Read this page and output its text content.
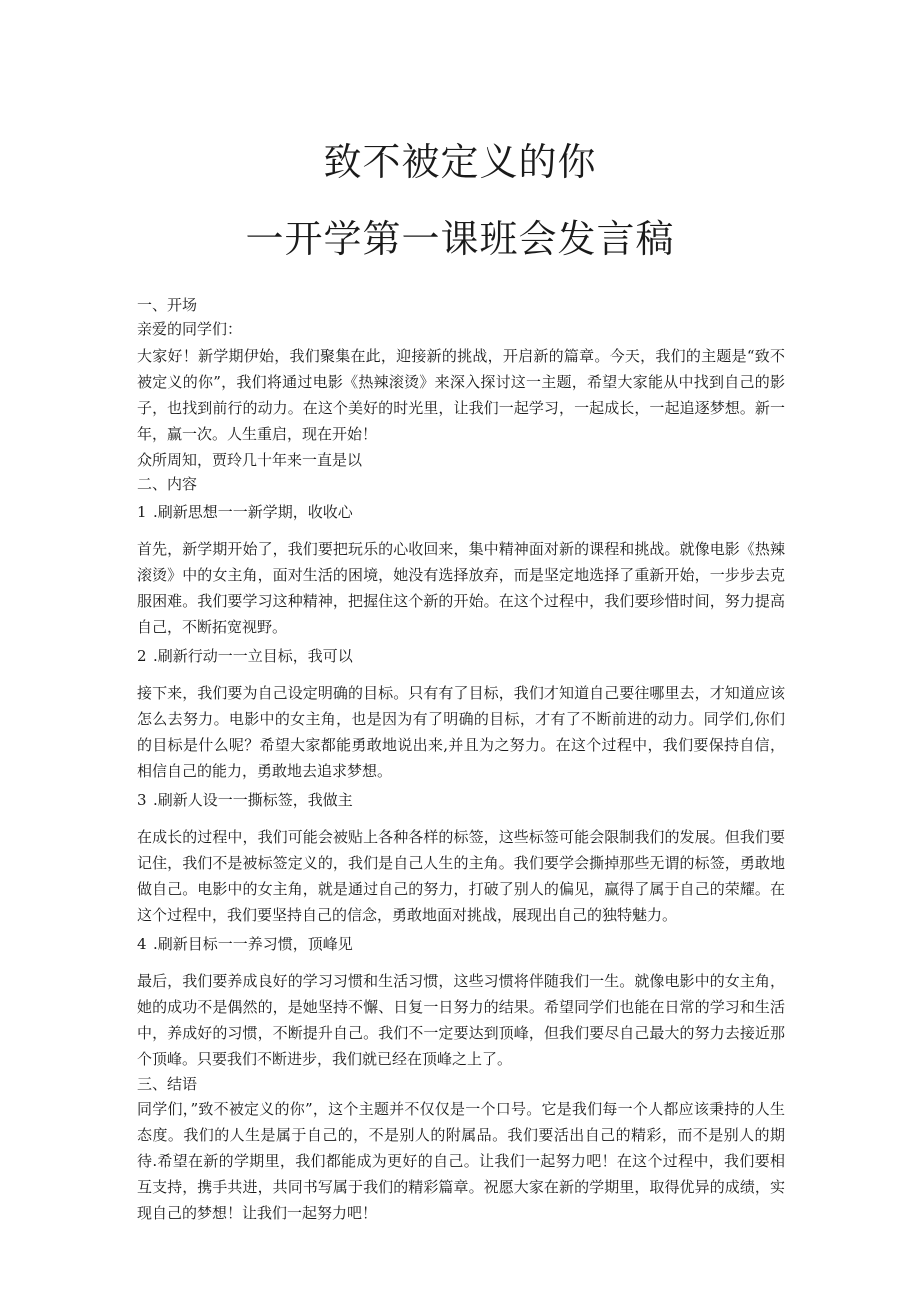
致不被定义的你
一开学第一课班会发言稿

一、开场

亲爱的同学们：

大家好！新学期伊始，我们聚集在此，迎接新的挑战，开启新的篇章。今天，我们的主题是“致不被定义的你”，我们将通过电影《热辣滚烫》来深入探讨这一主题，希望大家能从中找到自己的影子，也找到前行的动力。在这个美好的时光里，让我们一起学习，一起成长，一起追逐梦想。新一年，赢一次。人生重启，现在开始！

众所周知，贾玲几十年来一直是以

二、内容

1 .刷新思想一一新学期，收收心

首先，新学期开始了，我们要把玩乐的心收回来，集中精神面对新的课程和挑战。就像电影《热辣滚烫》中的女主角，面对生活的困境，她没有选择放弃，而是坚定地选择了重新开始，一步步去克服困难。我们要学习这种精神，把握住这个新的开始。在这个过程中，我们要珍惜时间，努力提高自己，不断拓宽视野。

2 .刷新行动一一立目标，我可以

接下来，我们要为自己设定明确的目标。只有有了目标，我们才知道自己要往哪里去，才知道应该怎么去努力。电影中的女主角，也是因为有了明确的目标，才有了不断前进的动力。同学们,你们的目标是什么呢？希望大家都能勇敢地说出来,并且为之努力。在这个过程中，我们要保持自信，相信自己的能力，勇敢地去追求梦想。

3 .刷新人设一一撕标签，我做主

在成长的过程中，我们可能会被贴上各种各样的标签，这些标签可能会限制我们的发展。但我们要记住，我们不是被标签定义的，我们是自己人生的主角。我们要学会撕掉那些无谓的标签，勇敢地做自己。电影中的女主角，就是通过自己的努力，打破了别人的偏见，赢得了属于自己的荣耀。在这个过程中，我们要坚持自己的信念，勇敢地面对挑战，展现出自己的独特魅力。

4 .刷新目标一一养习惯，顶峰见

最后，我们要养成良好的学习习惯和生活习惯，这些习惯将伴随我们一生。就像电影中的女主角，她的成功不是偶然的，是她坚持不懈、日复一日努力的结果。希望同学们也能在日常的学习和生活中，养成好的习惯，不断提升自己。我们不一定要达到顶峰，但我们要尽自己最大的努力去接近那个顶峰。只要我们不断进步，我们就已经在顶峰之上了。

三、结语

同学们，”致不被定义的你”，这个主题并不仅仅是一个口号。它是我们每一个人都应该秉持的人生态度。我们的人生是属于自己的，不是别人的附属品。我们要活出自己的精彩，而不是别人的期待.希望在新的学期里，我们都能成为更好的自己。让我们一起努力吧！在这个过程中，我们要相互支持，携手共进，共同书写属于我们的精彩篇章。祝愿大家在新的学期里，取得优异的成绩，实现自己的梦想！让我们一起努力吧！
